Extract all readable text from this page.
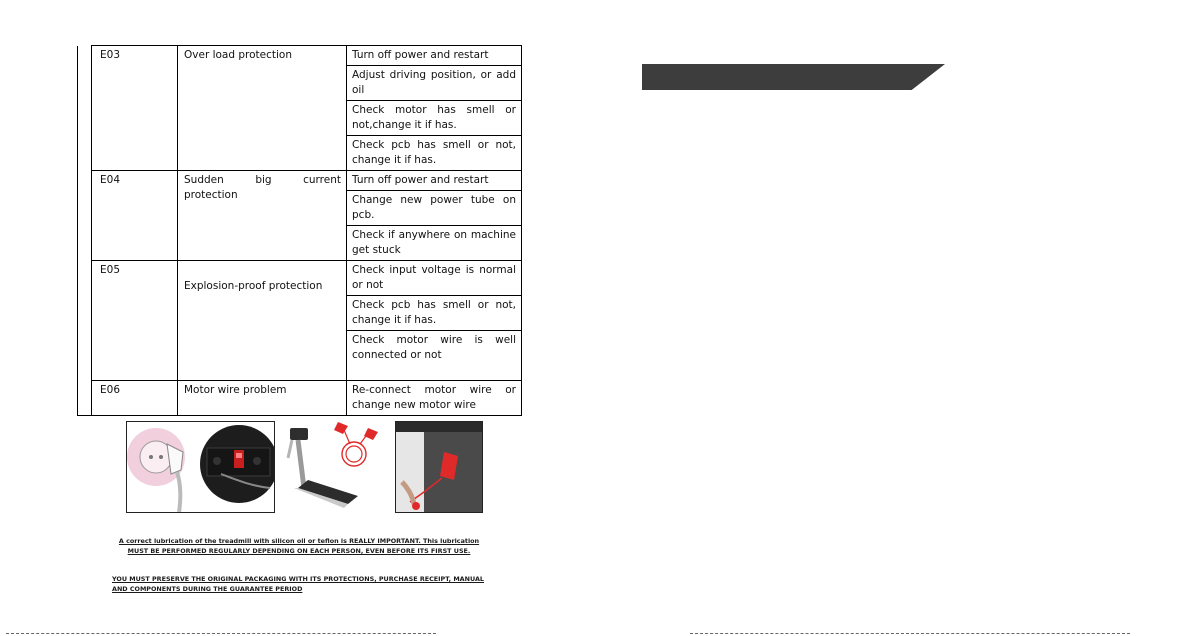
	E03	Over load protection	Turn off power and restart
			Adjust driving position, or add oil
			Check motor has smell or not,change it if has.
			Check pcb has smell or not, change it if has.
	E04	Sudden big current protection	Turn off power and restart
			Change new power tube on pcb.
			Check if anywhere on machine get stuck
	E05	Explosion-proof protection	Check input voltage is normal or not
			Check pcb has smell or not, change it if has.
			Check motor wire is well connected or not
	E06	Motor wire problem	Re-connect motor wire or change new motor wire
A correct lubrication of the treadmill with silicon oil or teflon is REALLY IMPORTANT. This lubrication MUST BE PERFORMED REGULARLY DEPENDING ON EACH PERSON, EVEN BEFORE ITS FIRST USE.
YOU MUST PRESERVE THE ORIGINAL PACKAGING WITH ITS PROTECTIONS, PURCHASE RECEIPT, MANUAL AND COMPONENTS DURING THE GUARANTEE PERIOD
